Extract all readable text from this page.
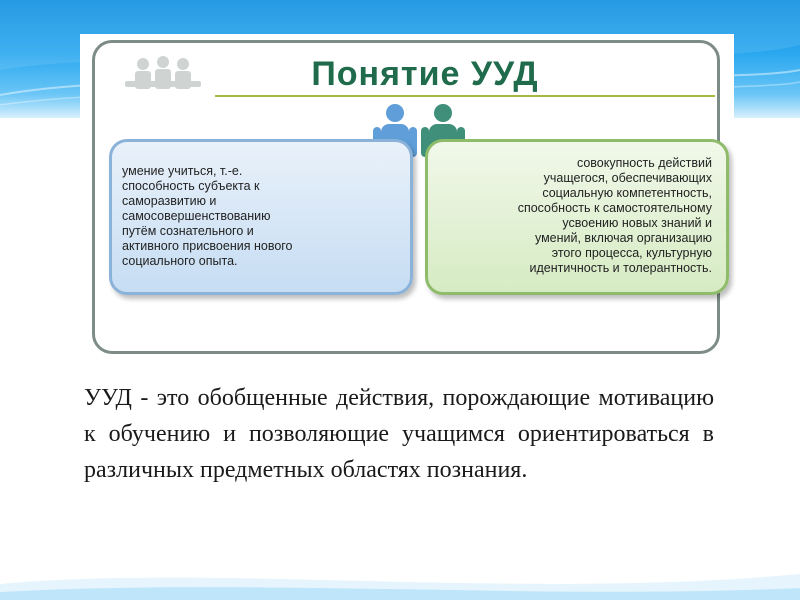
Понятие УУД
умение учиться, т.-е.
способность субъекта к
саморазвитию и
самосовершенствованию
путём сознательного и
активного присвоения нового
социального опыта.
совокупность действий
учащегося, обеспечивающих
социальную компетентность,
способность к самостоятельному
усвоению новых знаний и
умений, включая организацию
этого процесса, культурную
идентичность и толерантность.
УУД - это обобщенные действия, порождающие мотивацию к обучению и позволяющие учащимся ориентироваться в различных предметных областях познания.
